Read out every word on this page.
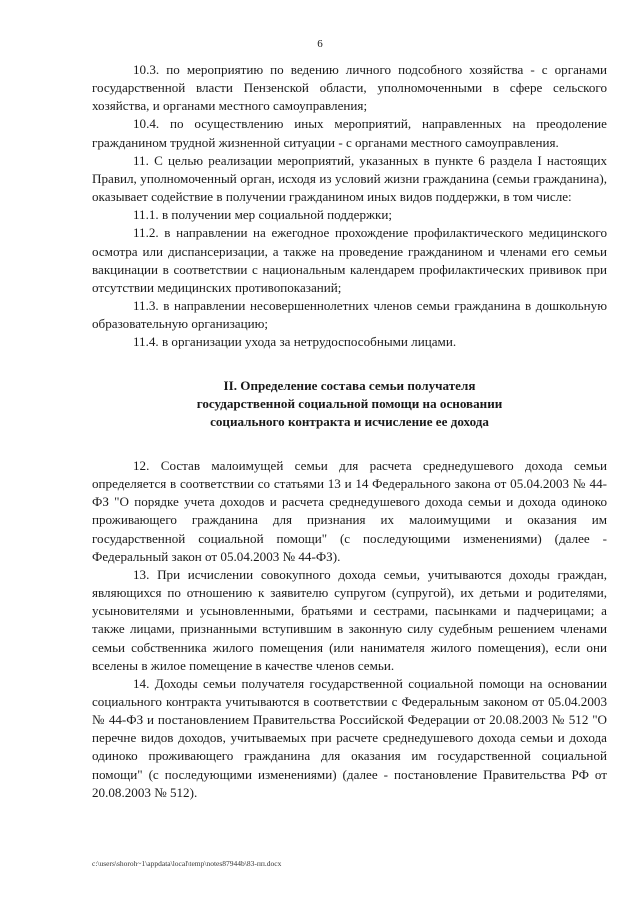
6

10.3. по мероприятию по ведению личного подсобного хозяйства - с органами государственной власти Пензенской области, уполномоченными в сфере сельского хозяйства, и органами местного самоуправления;

10.4. по осуществлению иных мероприятий, направленных на преодоление гражданином трудной жизненной ситуации - с органами местного самоуправления.

11. С целью реализации мероприятий, указанных в пункте 6 раздела I настоящих Правил, уполномоченный орган, исходя из условий жизни гражданина (семьи гражданина), оказывает содействие в получении гражданином иных видов поддержки, в том числе:

11.1. в получении мер социальной поддержки;

11.2. в направлении на ежегодное прохождение профилактического медицинского осмотра или диспансеризации, а также на проведение гражданином и членами его семьи вакцинации в соответствии с национальным календарем профилактических прививок при отсутствии медицинских противопоказаний;

11.3. в направлении несовершеннолетних членов семьи гражданина в дошкольную образовательную организацию;

11.4. в организации ухода за нетрудоспособными лицами.

II. Определение состава семьи получателя
государственной социальной помощи на основании
социального контракта и исчисление ее дохода

12. Состав малоимущей семьи для расчета среднедушевого дохода семьи определяется в соответствии со статьями 13 и 14 Федерального закона от 05.04.2003 № 44-ФЗ "О порядке учета доходов и расчета среднедушевого дохода семьи и дохода одиноко проживающего гражданина для признания их малоимущими и оказания им государственной социальной помощи" (с последующими изменениями) (далее - Федеральный закон от 05.04.2003 № 44-ФЗ).

13. При исчислении совокупного дохода семьи, учитываются доходы граждан, являющихся по отношению к заявителю супругом (супругой), их детьми и родителями, усыновителями и усыновленными, братьями и сестрами, пасынками и падчерицами; а также лицами, признанными вступившим в законную силу судебным решением членами семьи собственника жилого помещения (или нанимателя жилого помещения), если они вселены в жилое помещение в качестве членов семьи.

14. Доходы семьи получателя государственной социальной помощи на основании социального контракта учитываются в соответствии с Федеральным законом от 05.04.2003 № 44-ФЗ и постановлением Правительства Российской Федерации от 20.08.2003 № 512 "О перечне видов доходов, учитываемых при расчете среднедушевого дохода семьи и дохода одиноко проживающего гражданина для оказания им государственной социальной помощи" (с последующими изменениями) (далее - постановление Правительства РФ от 20.08.2003 № 512).

c:\users\shoroh~1\appdata\local\temp\notes87944b\83-пп.docx
